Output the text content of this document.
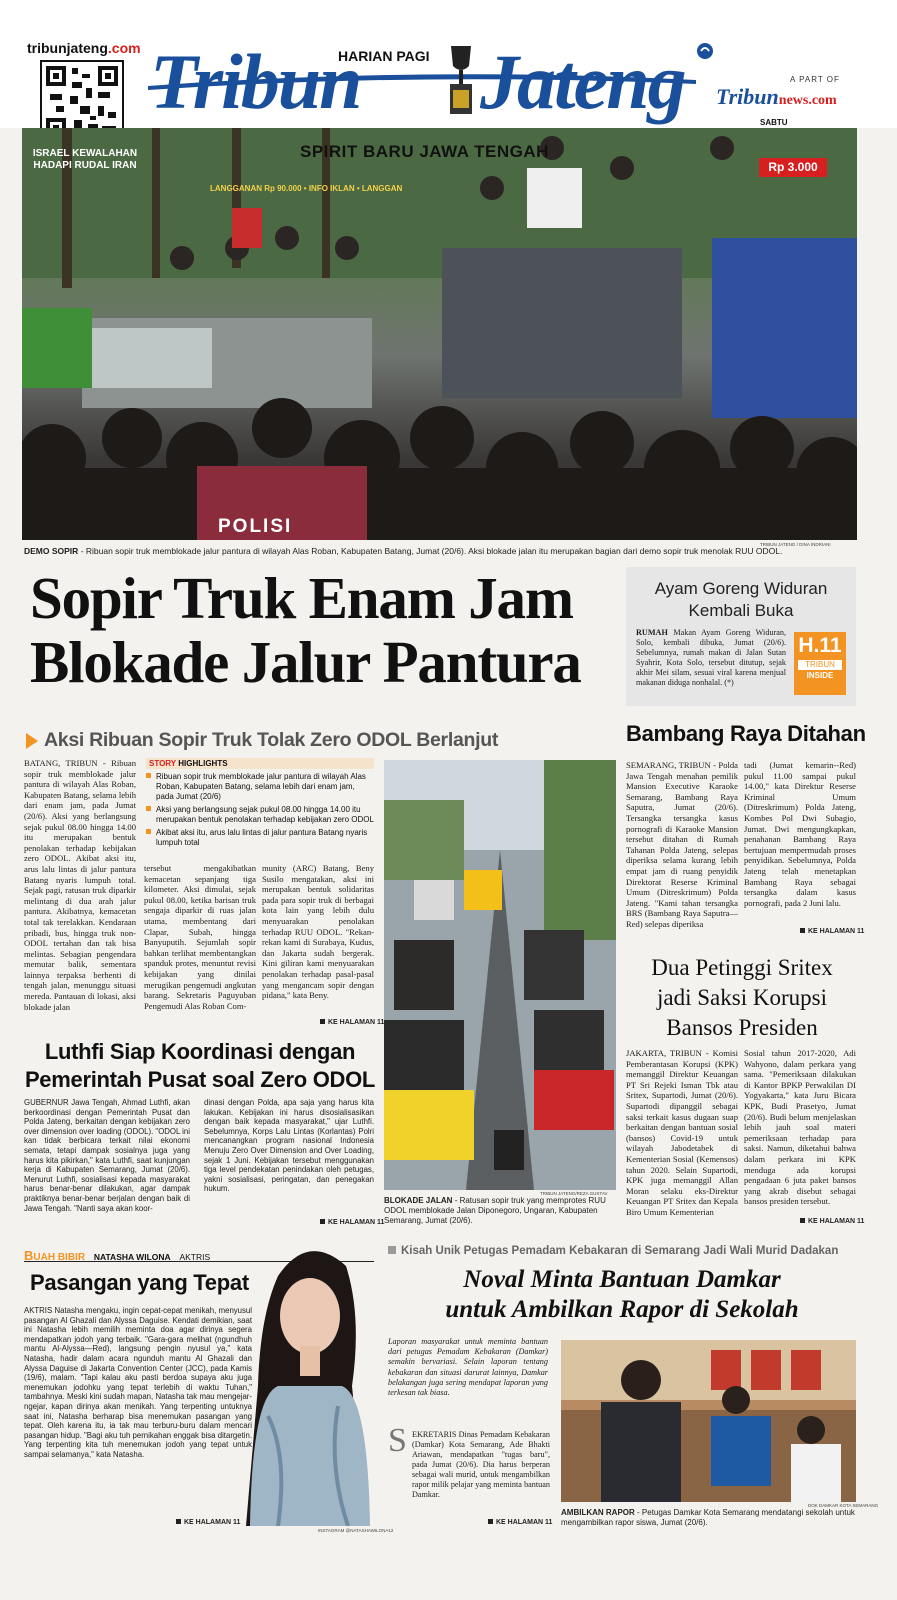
tribunjateng.com	HARIAN PAGI
Tribun Jateng
SPIRIT BARU JAWA TENGAH
A PART OF
Tribunnews.com
SABTU
Rp 3.000
POLISI
ISRAEL KEWALAHAN HADAPI RUDAL IRAN
LANGGANAN Rp 90.000 • INFO IKLAN • LANGGAN
DEMO SOPIR - Ribuan sopir truk memblokade jalur pantura di wilayah Alas Roban, Kabupaten Batang, Jumat (20/6). Aksi blokade jalan itu merupakan bagian dari demo sopir truk menolak RUU ODOL.
TRIBUN JATENG / DINA INDRIANI
Sopir Truk Enam Jam
Blokade Jalur Pantura
Ayam Goreng Widuran
Kembali Buka
RUMAH Makan Ayam Goreng Widuran, Solo, kembali dibuka, Jumat (20/6). Sebelumnya, rumah makan di Jalan Sutan Syahrir, Kota Solo, tersebut ditutup, sejak akhir Mei silam, sesuai viral karena menjual makanan diduga nonhalal. (*)
H.11
TRIBUN
INSIDE
Aksi Ribuan Sopir Truk Tolak Zero ODOL Berlanjut
BATANG, TRIBUN - Ribuan sopir truk memblokade jalur pantura di wilayah Alas Roban, Kabupaten Batang, selama lebih dari enam jam, pada Jumat (20/6). Aksi yang berlangsung sejak pukul 08.00 hingga 14.00 itu merupakan bentuk penolakan terhadap kebijakan zero ODOL. Akibat aksi itu, arus lalu lintas di jalur pantura Batang nyaris lumpuh total. Sejak pagi, ratusan truk diparkir melintang di dua arah jalur pantura. Akibatnya, kemacetan total tak terelakkan. Kendaraan pribadi, bus, hingga truk non-ODOL tertahan dan tak bisa melintas. Sebagian pengendara memutar balik, sementara lainnya terpaksa berhenti di tengah jalan, menunggu situasi mereda. Pantauan di lokasi, aksi blokade jalan
STORY HIGHLIGHTS
Ribuan sopir truk memblokade jalur pantura di wilayah Alas Roban, Kabupaten Batang, selama lebih dari enam jam, pada Jumat (20/6)
Aksi yang berlangsung sejak pukul 08.00 hingga 14.00 itu merupakan bentuk penolakan terhadap kebijakan zero ODOL
Akibat aksi itu, arus lalu lintas di jalur pantura Batang nyaris lumpuh total
tersebut mengakibatkan kemacetan sepanjang tiga kilometer. Aksi dimulai, sejak pukul 08.00, ketika barisan truk sengaja diparkir di ruas jalan utama, membentang dari Clapar, Subah, hingga Banyuputih. Sejumlah sopir bahkan terlihat membentangkan spanduk protes, menuntut revisi kebijakan yang dinilai merugikan pengemudi angkutan barang. Sekretaris Paguyuban Pengemudi Alas Roban Com-
munity (ARC) Batang, Beny Susilo mengatakan, aksi ini merupakan bentuk solidaritas pada para sopir truk di berbagai kota lain yang lebih dulu menyuarakan penolakan terhadap RUU ODOL. "Rekan-rekan kami di Surabaya, Kudus, dan Jakarta sudah bergerak. Kini giliran kami menyuarakan penolakan terhadap pasal-pasal yang mengancam sopir dengan pidana," kata Beny.
KE HALAMAN 11
Luthfi Siap Koordinasi dengan
Pemerintah Pusat soal Zero ODOL
GUBERNUR Jawa Tengah, Ahmad Luthfi, akan berkoordinasi dengan Pemerintah Pusat dan Polda Jateng, berkaitan dengan kebijakan zero over dimension over loading (ODOL). "ODOL ini kan tidak berbicara terkait nilai ekonomi semata, tetapi dampak sosialnya juga yang harus kita pikirkan," kata Luthfi, saat kunjungan kerja di Kabupaten Semarang, Jumat (20/6). Menurut Luthfi, sosialisasi kepada masyarakat harus benar-benar dilakukan, agar dampak praktiknya benar-benar berjalan dengan baik di Jawa Tengah. "Nanti saya akan koor-
dinasi dengan Polda, apa saja yang harus kita lakukan. Kebijakan ini harus disosialisasikan dengan baik kepada masyarakat," ujar Luthfi. Sebelumnya, Korps Lalu Lintas (Korlantas) Polri mencanangkan program nasional Indonesia Menuju Zero Over Dimension and Over Loading, sejak 1 Juni. Kebijakan tersebut menggunakan tiga level pendekatan penindakan oleh petugas, yakni sosialisasi, peringatan, dan penegakan hukum.
KE HALAMAN 11
TRIBUN JATENG/REZA GUSTAV
BLOKADE JALAN - Ratusan sopir truk yang memprotes RUU ODOL memblokade Jalan Diponegoro, Ungaran, Kabupaten Semarang, Jumat (20/6).
Bambang Raya Ditahan
SEMARANG, TRIBUN - Polda Jawa Tengah menahan pemilik Mansion Executive Karaoke Semarang, Bambang Raya Saputra, Jumat (20/6). Tersangka tersangka kasus pornografi di Karaoke Mansion tersebut ditahan di Rumah Tahanan Polda Jateng, selepas diperiksa selama kurang lebih empat jam di ruang penyidik Direktorat Reserse Kriminal Umum (Ditreskrimum) Polda Jateng. "Kami tahan tersangka BRS (Bambang Raya Saputra—Red) selepas diperiksa
tadi (Jumat kemarin--Red) pukul 11.00 sampai pukul 14.00," kata Direktur Reserse Kriminal Umum (Ditreskrimum) Polda Jateng, Kombes Pol Dwi Subagio, Jumat. Dwi mengungkapkan, penahanan Bambang Raya bertujuan mempermudah proses penyidikan. Sebelumnya, Polda Jateng telah menetapkan Bambang Raya sebagai tersangka dalam kasus pornografi, pada 2 Juni lalu.
KE HALAMAN 11
Dua Petinggi Sritex
jadi Saksi Korupsi
Bansos Presiden
JAKARTA, TRIBUN - Komisi Pemberantasan Korupsi (KPK) memanggil Direktur Keuangan PT Sri Rejeki Isman Tbk atau Sritex, Supartodi, Jumat (20/6). Supartodi dipanggil sebagai saksi terkait kasus dugaan suap berkaitan dengan bantuan sosial (bansos) Covid-19 untuk wilayah Jabodetabek di Kementerian Sosial (Kemensos) tahun 2020. Selain Supartodi, KPK juga memanggil Allan Moran selaku eks-Direktur Keuangan PT Sritex dan Kepala Biro Umum Kementerian
Sosial tahun 2017-2020, Adi Wahyono, dalam perkara yang sama. "Pemeriksaan dilakukan di Kantor BPKP Perwakilan DI Yogyakarta," kata Juru Bicara KPK, Budi Prasetyo, Jumat (20/6). Budi belum menjelaskan lebih jauh soal materi pemeriksaan terhadap para saksi. Namun, diketahui bahwa dalam perkara ini KPK menduga ada korupsi pengadaan 6 juta paket bansos yang akrab disebut sebagai bansos presiden tersebut.
KE HALAMAN 11
BUAH BIBIR NATASHA WILONA AKTRIS
Pasangan yang Tepat
AKTRIS Natasha mengaku, ingin cepat-cepat menikah, menyusul pasangan Al Ghazali dan Alyssa Daguise. Kendati demikian, saat ini Natasha lebih memilih meminta doa agar dirinya segera mendapatkan jodoh yang terbaik. "Gara-gara melihat (ngundhuh mantu Al-Alyssa—Red), langsung pengin nyusul ya," kata Natasha, hadir dalam acara ngunduh mantu Al Ghazali dan Alyssa Daguise di Jakarta Convention Center (JCC), pada Kamis (19/6), malam. "Tapi kalau aku pasti berdoa supaya aku juga menemukan jodohku yang tepat terlebih di waktu Tuhan," tambahnya. Meski kini sudah mapan, Natasha tak mau mengejar-ngejar, kapan dirinya akan menikah. Yang terpenting untuknya saat ini, Natasha berharap bisa menemukan pasangan yang tepat. Oleh karena itu, ia tak mau terburu-buru dalam mencari pasangan hidup. "Bagi aku tuh pernikahan enggak bisa ditargetin. Yang terpenting kita tuh menemukan jodoh yang tepat untuk sampai selamanya," kata Natasha.
KE HALAMAN 11
INSTAGRAM @NATASHAWILONA12
Kisah Unik Petugas Pemadam Kebakaran di Semarang Jadi Wali Murid Dadakan
Noval Minta Bantuan Damkar
untuk Ambilkan Rapor di Sekolah
Laporan masyarakat untuk meminta bantuan dari petugas Pemadam Kebakaran (Damkar) semakin bervariasi. Selain laporan tentang kebakaran dan situasi darurat lainnya, Damkar belakangan juga sering mendapat laporan yang terkesan tak biasa.
S EKRETARIS Dinas Pemadam Kebakaran (Damkar) Kota Semarang, Ade Bhakti Ariawan, mendapatkan "tugas baru", pada Jumat (20/6). Dia harus berperan sebagai wali murid, untuk mengambilkan rapor milik pelajar yang meminta bantuan Damkar.
KE HALAMAN 11
DOK DAMKAR KOTA SEMARANG
AMBILKAN RAPOR - Petugas Damkar Kota Semarang mendatangi sekolah untuk mengambilkan rapor siswa, Jumat (20/6).
